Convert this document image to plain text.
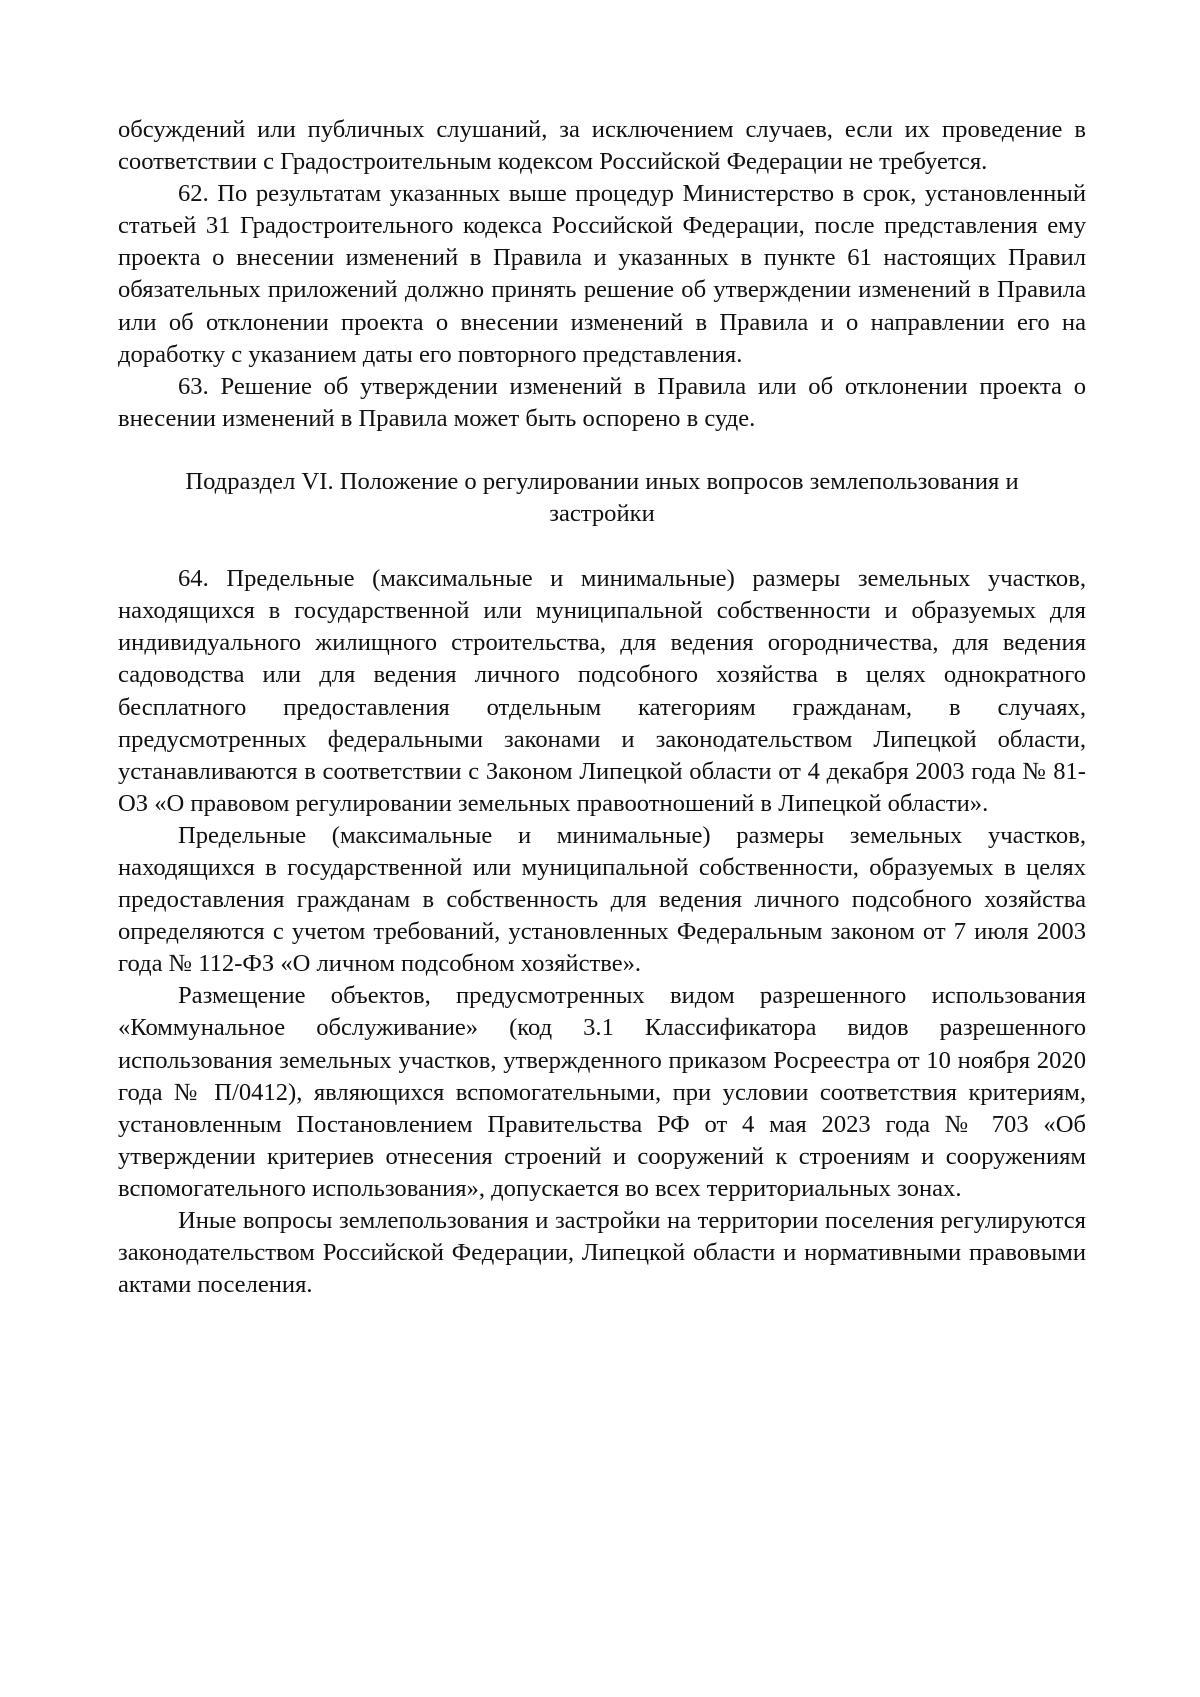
обсуждений или публичных слушаний, за исключением случаев, если их проведение в соответствии с Градостроительным кодексом Российской Федерации не требуется.

62. По результатам указанных выше процедур Министерство в срок, установленный статьей 31 Градостроительного кодекса Российской Федерации, после представления ему проекта о внесении изменений в Правила и указанных в пункте 61 настоящих Правил обязательных приложений должно принять решение об утверждении изменений в Правила или об отклонении проекта о внесении изменений в Правила и о направлении его на доработку с указанием даты его повторного представления.

63. Решение об утверждении изменений в Правила или об отклонении проекта о внесении изменений в Правила может быть оспорено в суде.

Подраздел VI. Положение о регулировании иных вопросов землепользования и застройки

64. Предельные (максимальные и минимальные) размеры земельных участков, находящихся в государственной или муниципальной собственности и образуемых для индивидуального жилищного строительства, для ведения огородничества, для ведения садоводства или для ведения личного подсобного хозяйства в целях однократного бесплатного предоставления отдельным категориям гражданам, в случаях, предусмотренных федеральными законами и законодательством Липецкой области, устанавливаются в соответствии с Законом Липецкой области от 4 декабря 2003 года № 81-ОЗ «О правовом регулировании земельных правоотношений в Липецкой области».

Предельные (максимальные и минимальные) размеры земельных участков, находящихся в государственной или муниципальной собственности, образуемых в целях предоставления гражданам в собственность для ведения личного подсобного хозяйства определяются с учетом требований, установленных Федеральным законом от 7 июля 2003 года № 112-ФЗ «О личном подсобном хозяйстве».

Размещение объектов, предусмотренных видом разрешенного использования «Коммунальное обслуживание» (код 3.1 Классификатора видов разрешенного использования земельных участков, утвержденного приказом Росреестра от 10 ноября 2020 года № П/0412), являющихся вспомогательными, при условии соответствия критериям, установленным Постановлением Правительства РФ от 4 мая 2023 года № 703 «Об утверждении критериев отнесения строений и сооружений к строениям и сооружениям вспомогательного использования», допускается во всех территориальных зонах.

Иные вопросы землепользования и застройки на территории поселения регулируются законодательством Российской Федерации, Липецкой области и нормативными правовыми актами поселения.
